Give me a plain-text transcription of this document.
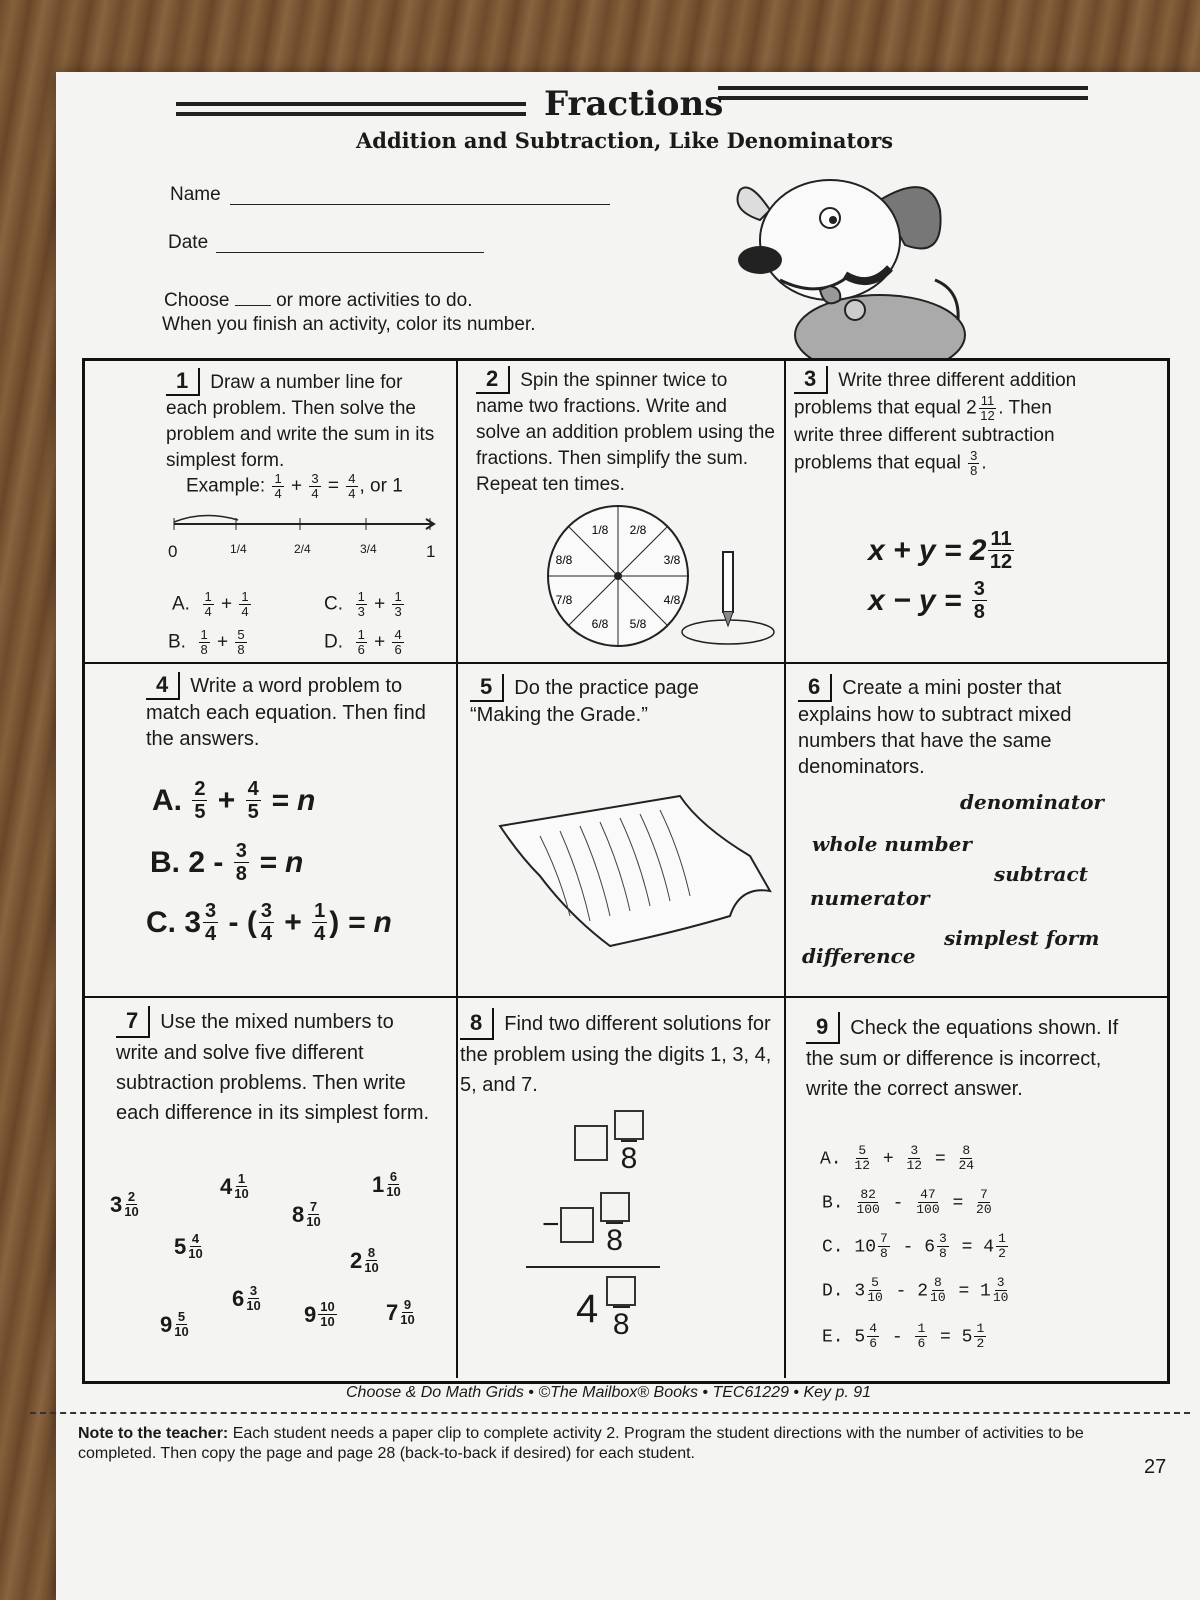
Fractions
Addition and Subtraction, Like Denominators
Name
Date
Choose or more activities to do.
When you finish an activity, color its number.
1 Draw a number line for each problem. Then solve the problem and write the sum in its simplest form.
Example: $\frac{1}{4} + \frac{3}{4} = \frac{4}{4}$ , or 1
0	1/4	2/4	3/4	1
A. $\frac{1}{4} + \frac{1}{4}$	C. $\frac{1}{3} + \frac{1}{3}$
B. $\frac{1}{8} + \frac{5}{8}$	D. $\frac{1}{6} + \frac{4}{6}$
2 Spin the spinner twice to name two fractions. Write and solve an addition problem using the fractions. Then simplify the sum. Repeat ten times.
1/8 2/8
3/8
4/8
5/8
6/8
7/8
8/8
3 Write three different addition problems that equal $2 \frac{11}{12}$ . Then write three different subtraction problems that equal $\frac{3}{8}$ .
$x + y = 2 \frac{11}{12}$
x − y =
$\frac{3}{8}$
4 Write a word problem to match each equation. Then find the answers.
A.
$\frac{2}{5} + \frac{4}{5}$
= n
B. $2 - \frac{3}{8}$
= n
C. $3 \frac{3}{4}$ - ( $\frac{3}{4} + \frac{1}{4}$ ) = n
5 Do the practice page “Making the Grade.”
6 Create a mini poster that explains how to subtract mixed numbers that have the same denominators.
denominator
whole number
subtract
numerator
simplest form
difference
7 Use the mixed numbers to write and solve five different subtraction problems. Then write each difference in its simplest form.
$3 \frac{2}{10}$
$4 \frac{1}{10}$
$8 \frac{7}{10}$
$1 \frac{6}{10}$
$5 \frac{4}{10}$	$2 \frac{8}{10}$
$6 \frac{3}{10}$
$9 \frac{5}{10}$	$9 \frac{10}{10} 7 \frac{9}{10}$
8 Find two different solutions for the problem using the digits 1, 3, 4, 5, and 7.
8
− 8
4 8
9 Check the equations shown. If the sum or difference is incorrect, write the correct answer.
A. $\frac{5}{12} + \frac{3}{12} = \frac{8}{24}$
B. $\frac{82}{100} - \frac{47}{100} = \frac{7}{20}$
C. $10 \frac{7}{8} - 6 \frac{3}{8} = 4 \frac{1}{2}$
D. $3 \frac{5}{10} - 2 \frac{8}{10} = 1 \frac{3}{10}$
E. $5 \frac{4}{6} - \frac{1}{6} = 5 \frac{1}{2}$
Choose & Do Math Grids • ©The Mailbox® Books • TEC61229 • Key p. 91
Note to the teacher: Each student needs a paper clip to complete activity 2. Program the student directions with the number of activities to be completed. Then copy the page and page 28 (back-to-back if desired) for each student.
27
